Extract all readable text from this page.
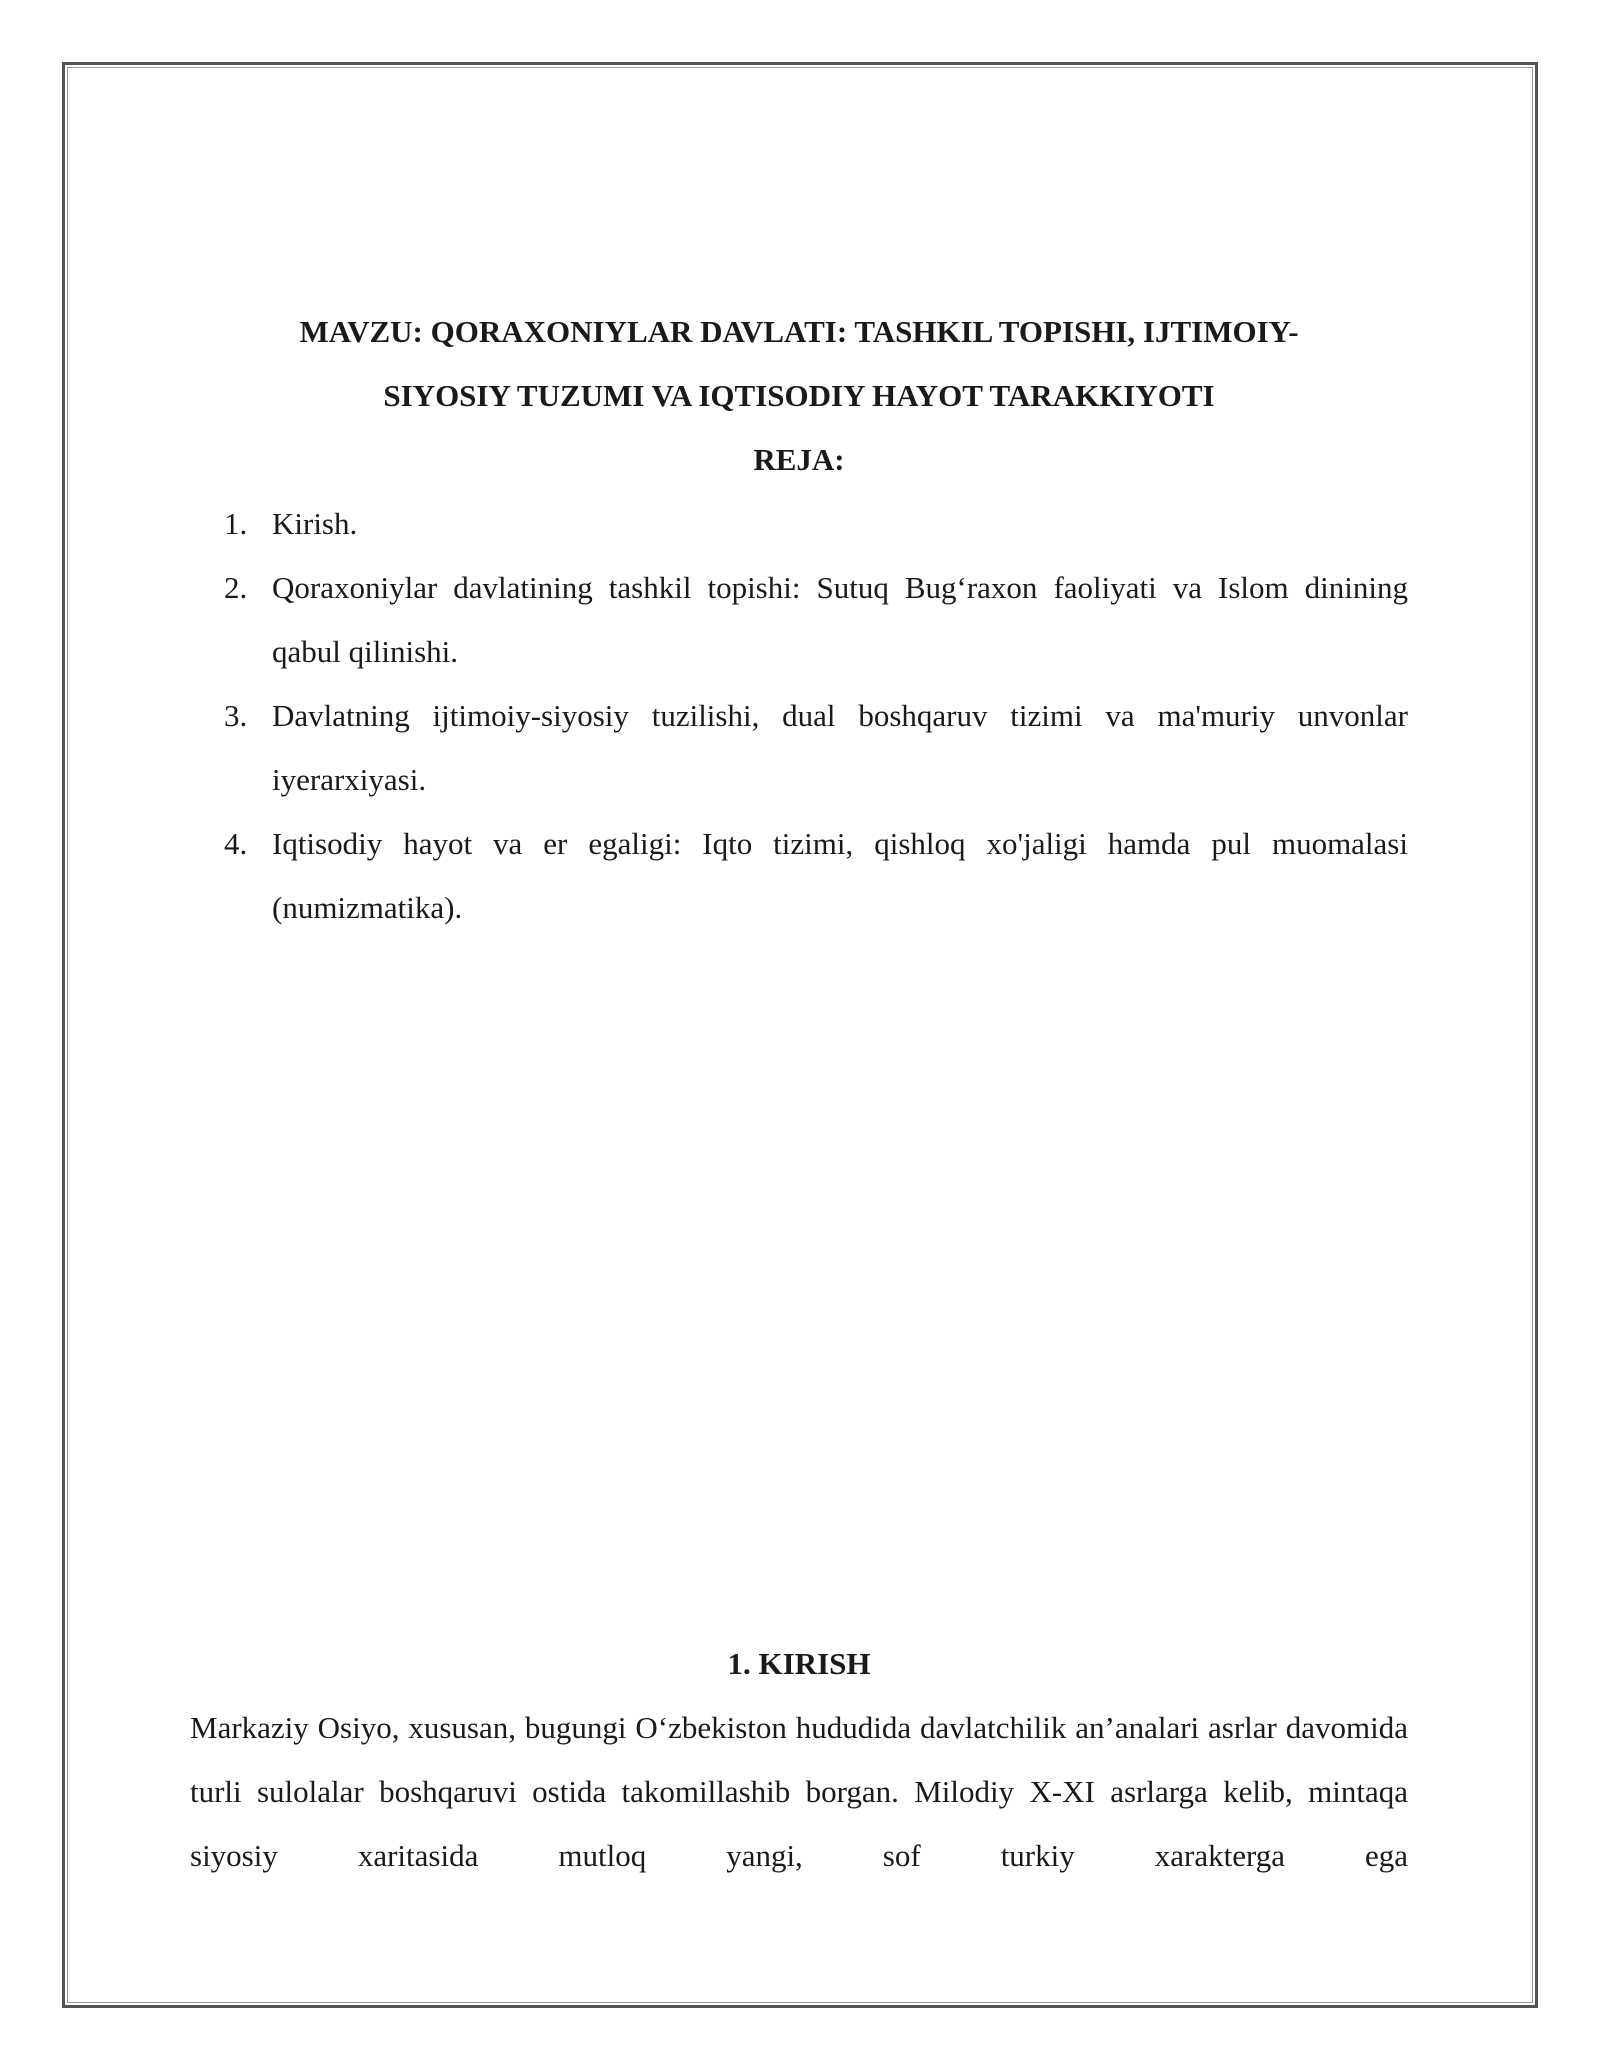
MAVZU: QORAXONIYLAR DAVLATI: TASHKIL TOPISHI, IJTIMOIY-
SIYOSIY TUZUMI VA IQTISODIY HAYOT TARAKKIYOTI

REJA:

1. Kirish.
2. Qoraxoniylar davlatining tashkil topishi: Sutuq Bug‘raxon faoliyati va Islom dinining qabul qilinishi.
3. Davlatning ijtimoiy-siyosiy tuzilishi, dual boshqaruv tizimi va ma'muriy unvonlar iyerarxiyasi.
4. Iqtisodiy hayot va er egaligi: Iqto tizimi, qishloq xo'jaligi hamda pul muomalasi (numizmatika).

1. KIRISH

Markaziy Osiyo, xususan, bugungi O‘zbekiston hududida davlatchilik an’analari asrlar davomida turli sulolalar boshqaruvi ostida takomillashib borgan. Milodiy X-XI asrlarga kelib, mintaqa siyosiy xaritasida mutloq yangi, sof turkiy xarakterga ega
